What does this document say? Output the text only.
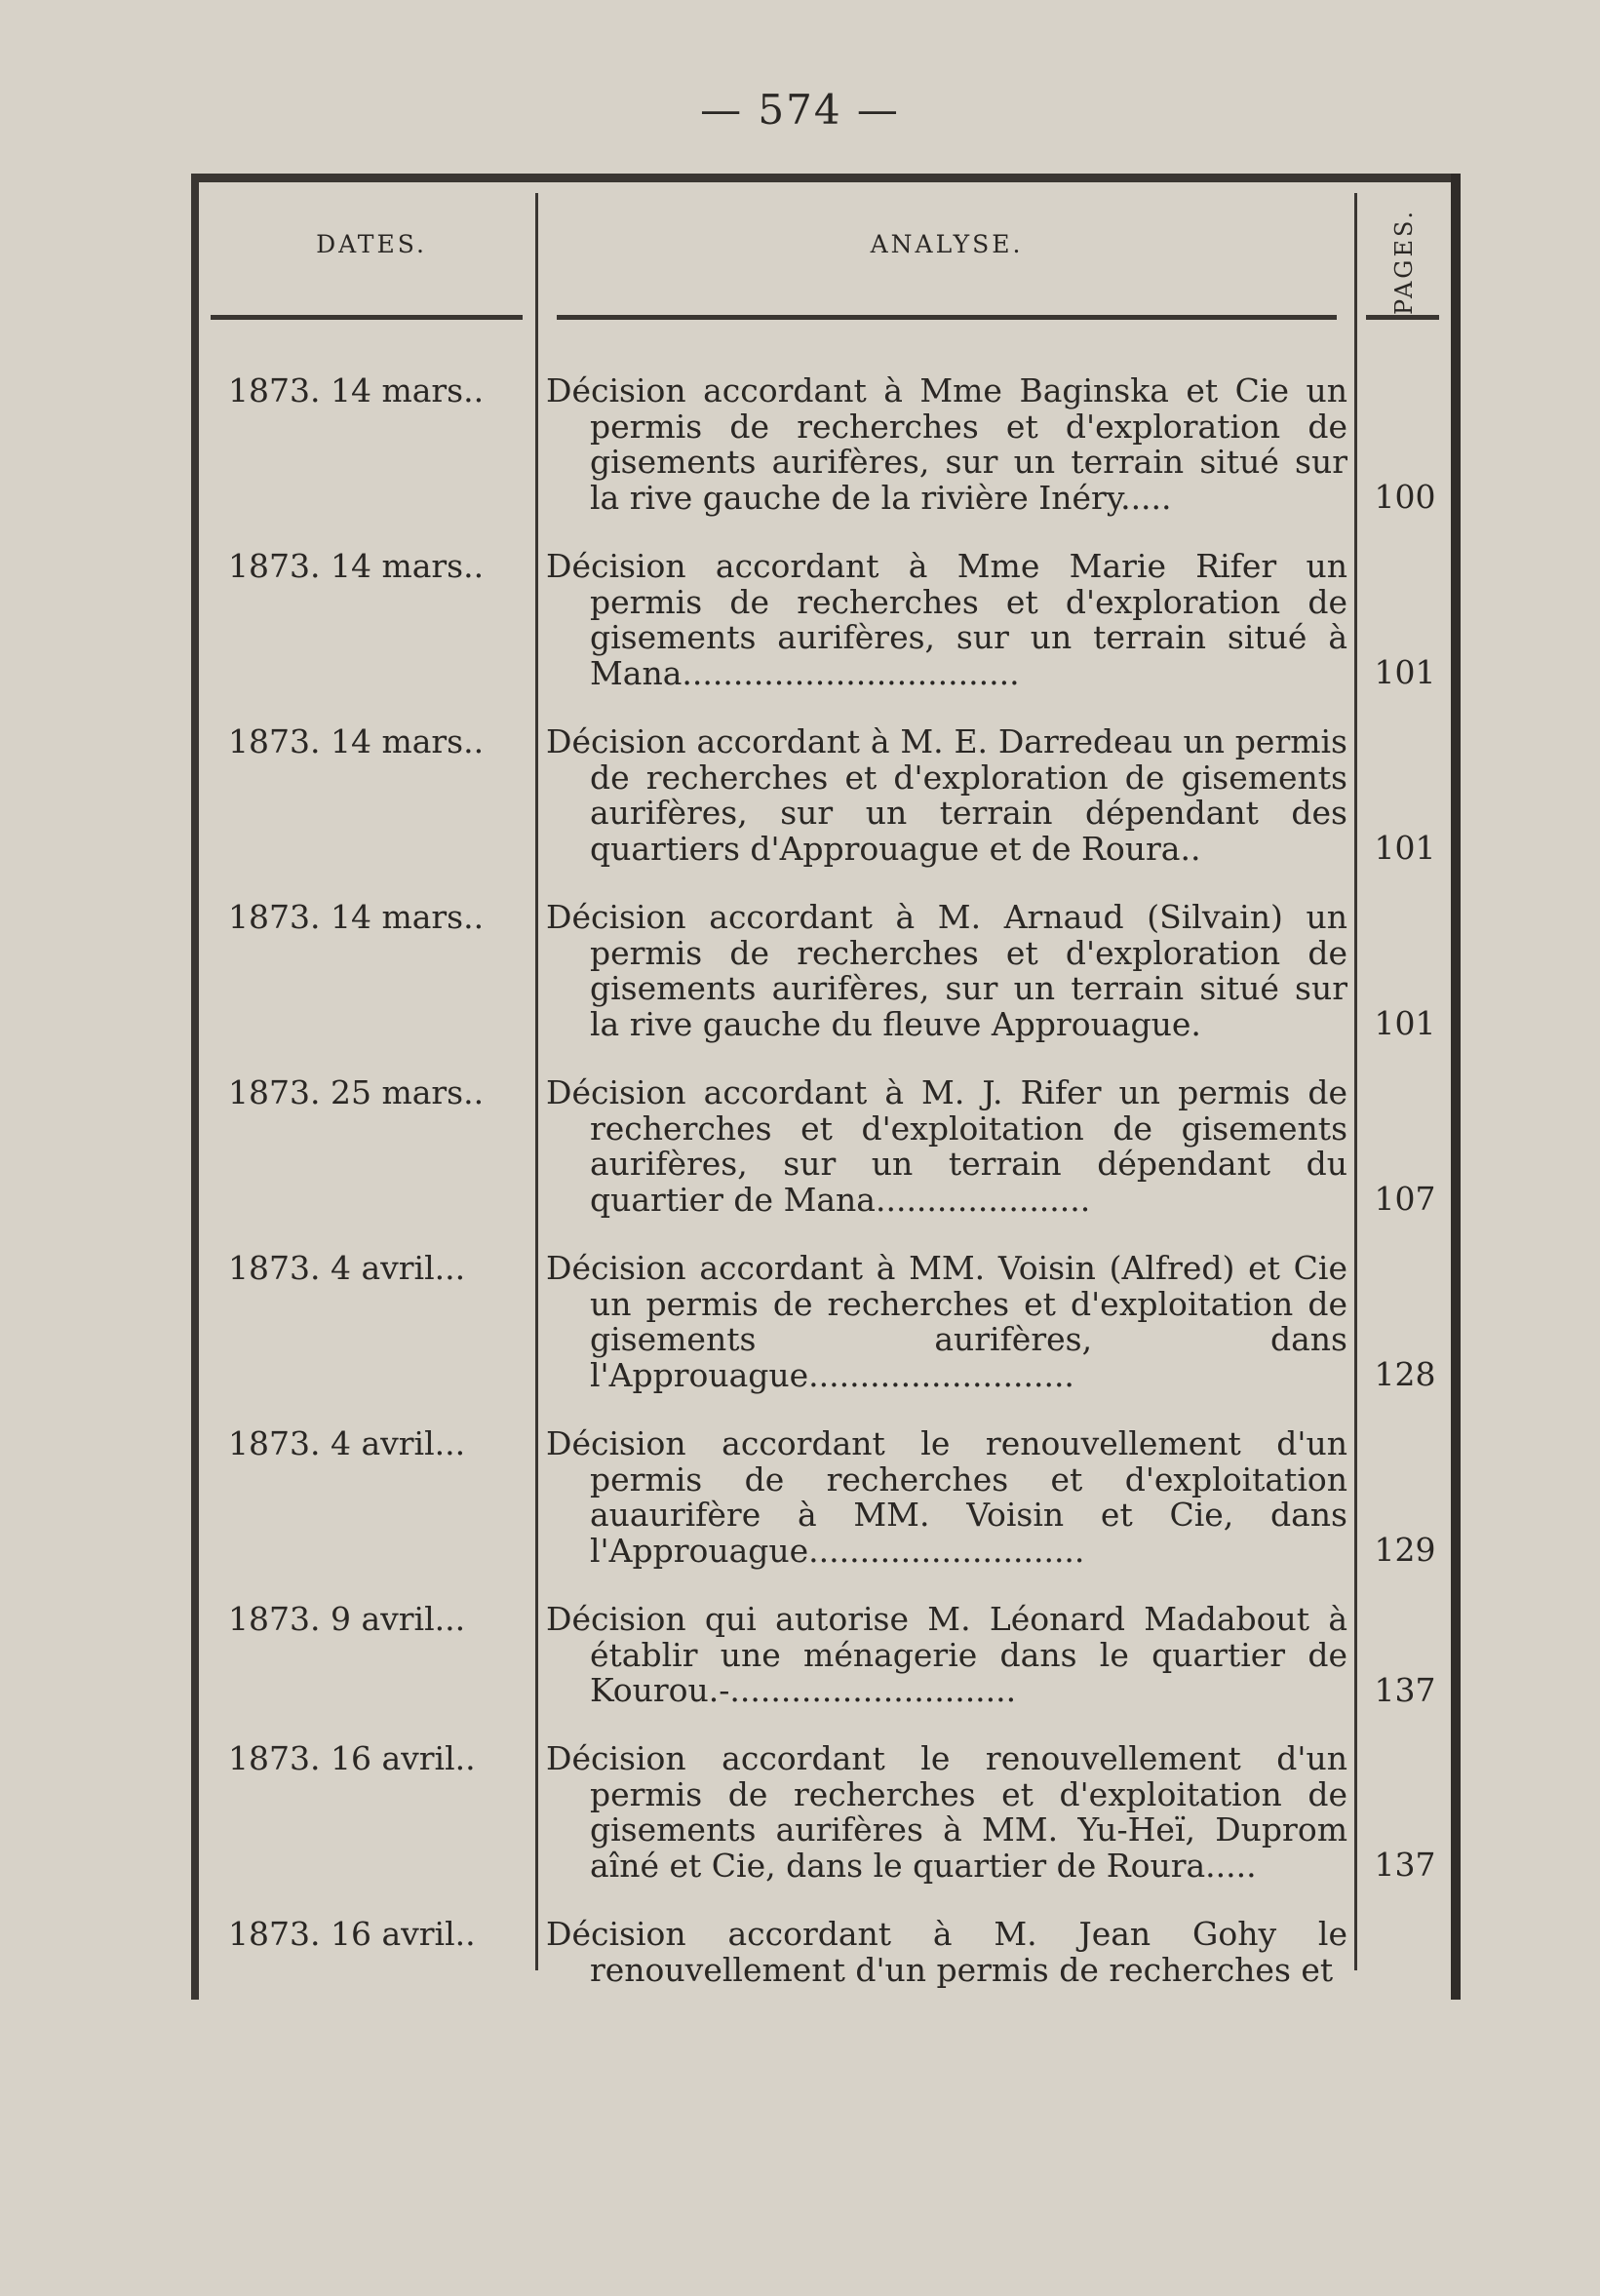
— 574 —
DATES.	ANALYSE.	PAGES.
1873. 14 mars..	Décision accordant à Mme Baginska et Cie un permis de recherches et d'exploration de gisements aurifères, sur un terrain situé sur la rive gauche de la rivière Inéry.....	100
1873. 14 mars..	Décision accordant à Mme Marie Rifer un permis de recherches et d'exploration de gisements aurifères, sur un terrain situé à Mana.................................	101
1873. 14 mars..	Décision accordant à M. E. Darredeau un permis de recherches et d'exploration de gisements aurifères, sur un terrain dépendant des quartiers d'Approuague et de Roura..	101
1873. 14 mars..	Décision accordant à M. Arnaud (Silvain) un permis de recherches et d'exploration de gisements aurifères, sur un terrain situé sur la rive gauche du fleuve Approuague.	101
1873. 25 mars..	Décision accordant à M. J. Rifer un permis de recherches et d'exploitation de gisements aurifères, sur un terrain dépendant du quartier de Mana.....................	107
1873. 4 avril...	Décision accordant à MM. Voisin (Alfred) et Cie un permis de recherches et d'exploitation de gisements aurifères, dans l'Approuague..........................	128
1873. 4 avril...	Décision accordant le renouvellement d'un permis de recherches et d'exploitation auaurifère à MM. Voisin et Cie, dans l'Approuague...........................	129
1873. 9 avril...	Décision qui autorise M. Léonard Madabout à établir une ménagerie dans le quartier de Kourou.-............................	137
1873. 16 avril..	Décision accordant le renouvellement d'un permis de recherches et d'exploitation de gisements aurifères à MM. Yu-Heï, Duprom aîné et Cie, dans le quartier de Roura.....	137
1873. 16 avril..	Décision accordant à M. Jean Gohy le renouvellement d'un permis de recherches et
